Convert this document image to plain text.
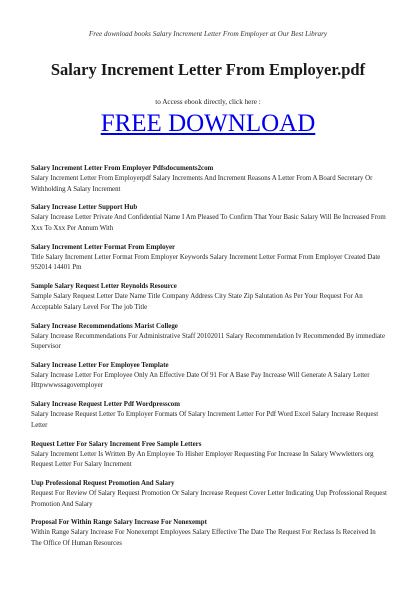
Free download books Salary Increment Letter From Employer at Our Best Library
Salary Increment Letter From Employer.pdf
to Access ebook directly, click here :
FREE DOWNLOAD
Salary Increment Letter From Employer Pdfsdocuments2com
Salary Increment Letter From Employerpdf Salary Increments And Increment Reasons A Letter From A Board Secretary Or Withholding A Salary Increment
Salary Increase Letter Support Hub
Salary Increase Letter Private And Confidential Name I Am Pleased To Confirm That Your Basic Salary Will Be Increased From Xxx To Xxx Per Annum With
Salary Increment Letter Format From Employer
Title Salary Increment Letter Format From Employer Keywords Salary Increment Letter Format From Employer Created Date 952014 14401 Pm
Sample Salary Request Letter Reynolds Resource
Sample Salary Request Letter Date Name Title Company Address City State Zip Salutation As Per Your Request For An Acceptable Salary Level For The job Title
Salary Increase Recommendations Marist College
Salary Increase Recommendations For Administrative Staff 20102011 Salary Recommendation Iv Recommended By immediate Supervisor
Salary Increase Letter For Employee Template
Salary Increase Letter For Employee Only An Effective Date Of 91 For A Base Pay Increase Will Generate A Salary Letter Httpwwwssagovemployer
Salary Increase Request Letter Pdf Wordpresscom
Salary Increase Request Letter To Employer Formats Of Salary Increment Letter For Pdf Word Excel Salary Increase Request Letter
Request Letter For Salary Increment Free Sample Letters
Salary Increment Letter Is Written By An Employee To Hisher Employer Requesting For Increase In Salary Wwwletters org Request Letter For Salary Increment
Uup Professional Request Promotion And Salary
Request For Review Of Salary Request Promotion Or Salary Increase Request Cover Letter Indicating Uup Professional Request Promotion And Salary
Proposal For Within Range Salary Increase For Nonexempt
Within Range Salary Increase For Nonexempt Employees Salary Effective The Date The Request For Reclass Is Received In The Office Of Human Resources
